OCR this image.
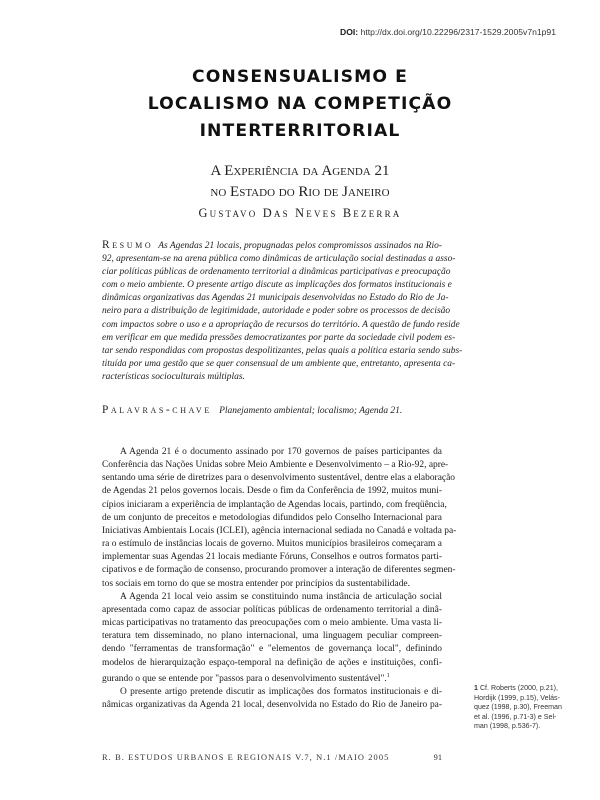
DOI: http://dx.doi.org/10.22296/2317-1529.2005v7n1p91
CONSENSUALISMO E
LOCALISMO NA COMPETIÇÃO
INTERTERRITORIAL
A Experiência da Agenda 21
no Estado do Rio de Janeiro
Gustavo Das Neves Bezerra
Resumo As Agendas 21 locais, propugnadas pelos compromissos assinados na Rio-
92, apresentam-se na arena pública como dinâmicas de articulação social destinadas a asso-
ciar políticas públicas de ordenamento territorial a dinâmicas participativas e preocupação
com o meio ambiente. O presente artigo discute as implicações dos formatos institucionais e
dinâmicas organizativas das Agendas 21 municipais desenvolvidas no Estado do Rio de Ja-
neiro para a distribuição de legitimidade, autoridade e poder sobre os processos de decisão
com impactos sobre o uso e a apropriação de recursos do território. A questão de fundo reside
em verificar em que medida pressões democratizantes por parte da sociedade civil podem es-
tar sendo respondidas com propostas despolitizantes, pelas quais a política estaria sendo subs-
tituída por uma gestão que se quer consensual de um ambiente que, entretanto, apresenta ca-
racterísticas socioculturais múltiplas.
Palavras-chave Planejamento ambiental; localismo; Agenda 21.
A Agenda 21 é o documento assinado por 170 governos de países participantes da
Conferência das Nações Unidas sobre Meio Ambiente e Desenvolvimento – a Rio-92, apre-
sentando uma série de diretrizes para o desenvolvimento sustentável, dentre elas a elaboração
de Agendas 21 pelos governos locais. Desde o fim da Conferência de 1992, muitos muni-
cípios iniciaram a experiência de implantação de Agendas locais, partindo, com freqüência,
de um conjunto de preceitos e metodologias difundidos pelo Conselho Internacional para
Iniciativas Ambientais Locais (ICLEI), agência internacional sediada no Canadá e voltada pa-
ra o estímulo de instâncias locais de governo. Muitos municípios brasileiros começaram a
implementar suas Agendas 21 locais mediante Fóruns, Conselhos e outros formatos parti-
cipativos e de formação de consenso, procurando promover a interação de diferentes segmen-
tos sociais em torno do que se mostra entender por princípios da sustentabilidade.
A Agenda 21 local veio assim se constituindo numa instância de articulação social
apresentada como capaz de associar políticas públicas de ordenamento territorial a dinâ-
micas participativas no tratamento das preocupações com o meio ambiente. Uma vasta li-
teratura tem disseminado, no plano internacional, uma linguagem peculiar compreen-
dendo "ferramentas de transformação" e "elementos de governança local", definindo
modelos de hierarquização espaço-temporal na definição de ações e instituições, confi-
gurando o que se entende por "passos para o desenvolvimento sustentável".$^1$
O presente artigo pretende discutir as implicações dos formatos institucionais e di-
nâmicas organizativas da Agenda 21 local, desenvolvida no Estado do Rio de Janeiro pa-
1 Cf. Roberts (2000, p.21),
Hordijk (1999, p.15), Velás-
quez (1998, p.30), Freeman
et al. (1996, p.71-3) e Sel-
man (1998, p.536-7).
R. B. ESTUDOS URBANOS E REGIONAIS V.7, N.1 /MAIO 2005	91
